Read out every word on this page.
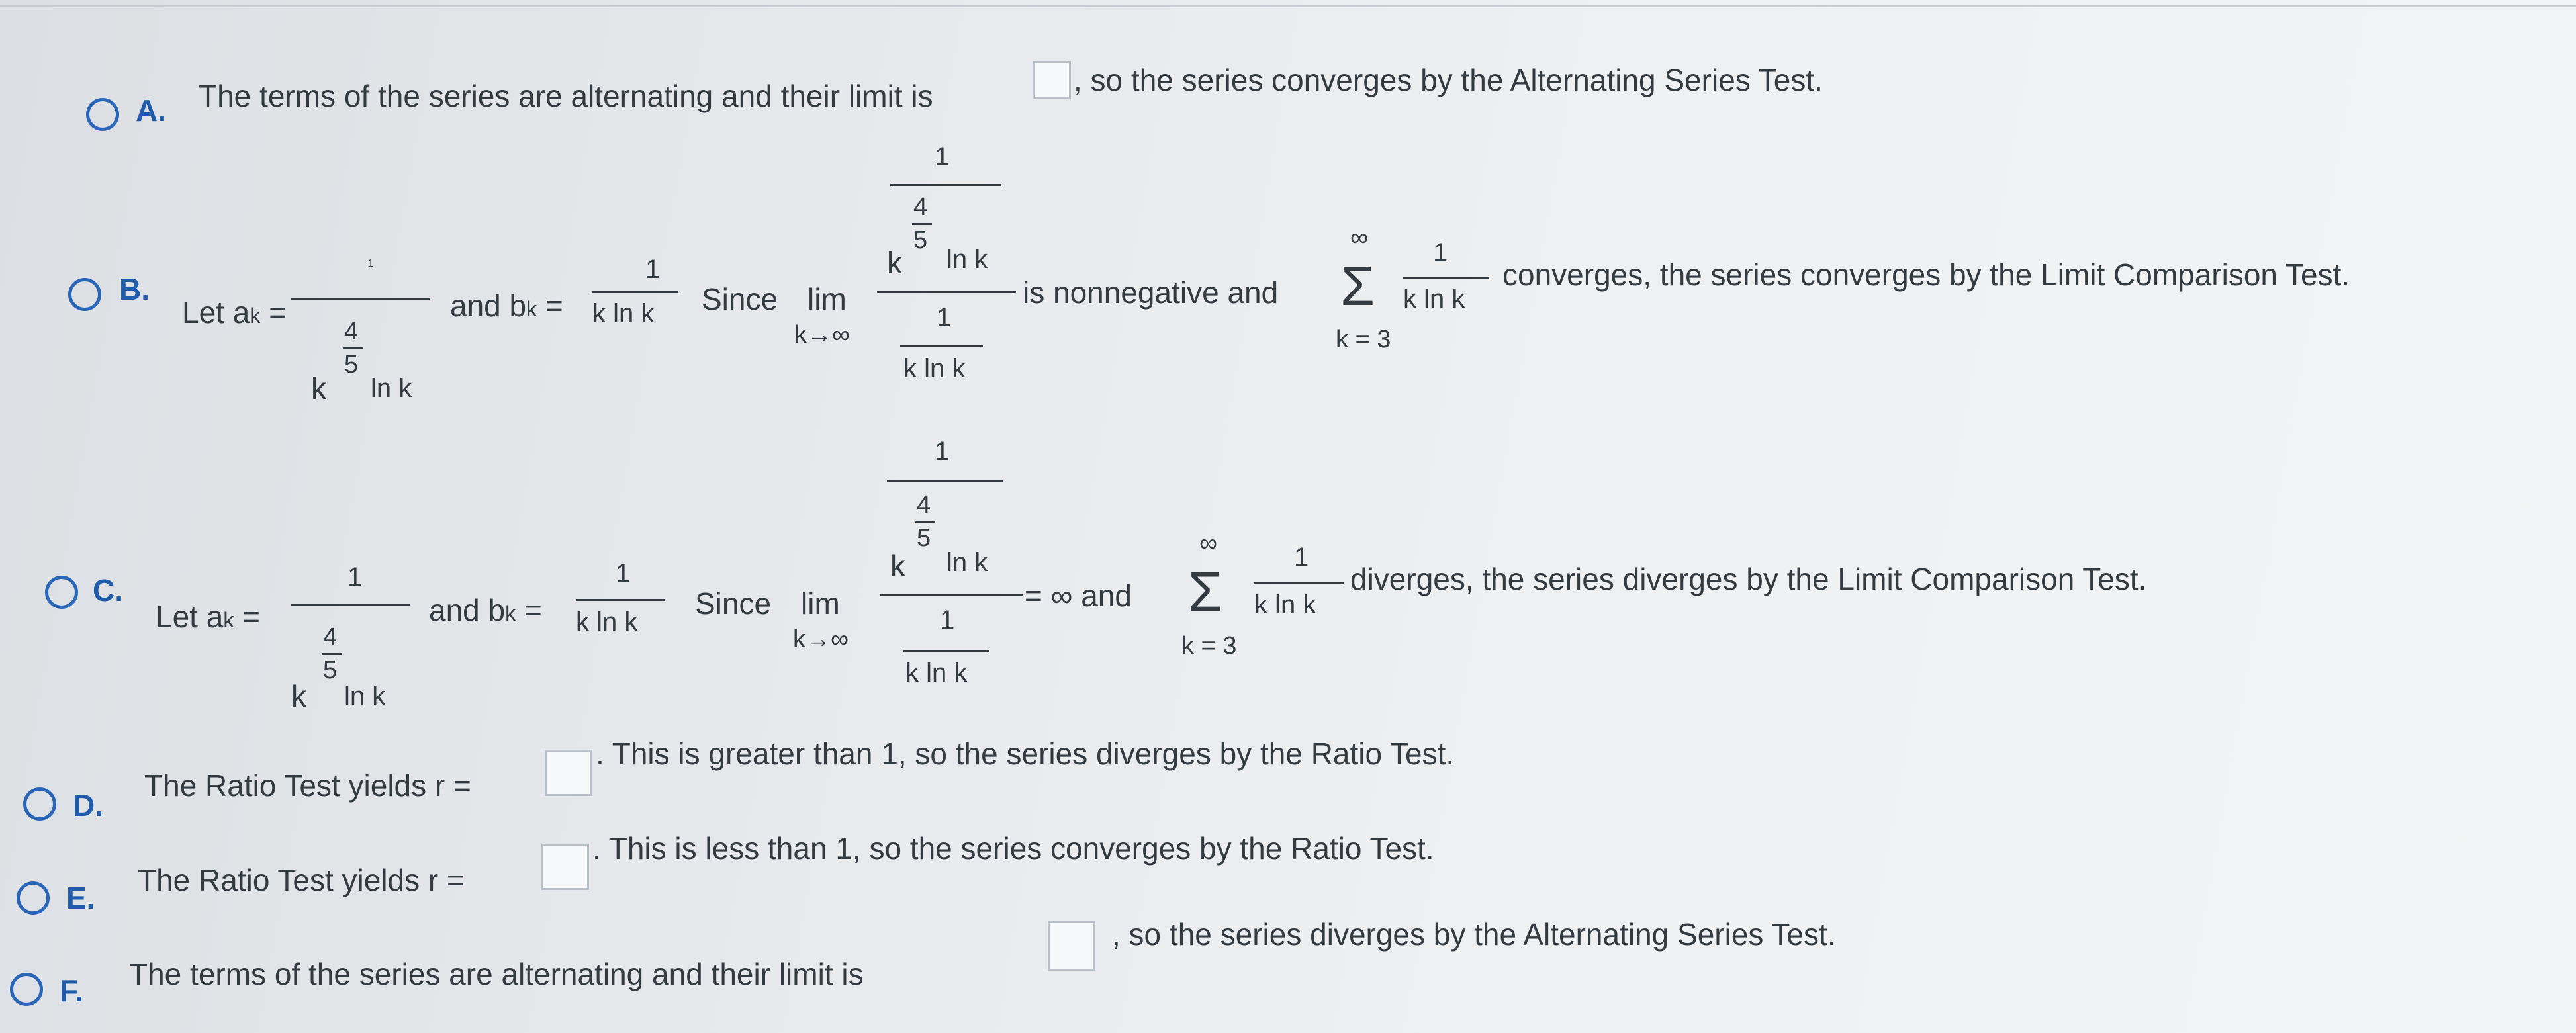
A. The terms of the series are alternating and their limit is	, so the series converges by the Alternating Series Test.
B.
Let ak =
1
4
5
k ln k
and bk =
1
k ln k Since lim
k→∞
1
4
5
k ln k
1
k ln k
is nonnegative and
∞
Σ
k = 3
1
k ln k
converges, the series converges by the Limit Comparison Test.
C.
Let ak =
1
4
5
k ln k
and bk =
1
k ln k
Since lim
k→∞
1
4
5
k ln k
1
k ln k
= ∞ and
∞
Σ
k = 3
1
k ln k
diverges, the series diverges by the Limit Comparison Test.
D.
The Ratio Test yields r =
. This is greater than 1, so the series diverges by the Ratio Test.
E.
The Ratio Test yields r =
. This is less than 1, so the series converges by the Ratio Test.
F. The terms of the series are alternating and their limit is
, so the series diverges by the Alternating Series Test.
